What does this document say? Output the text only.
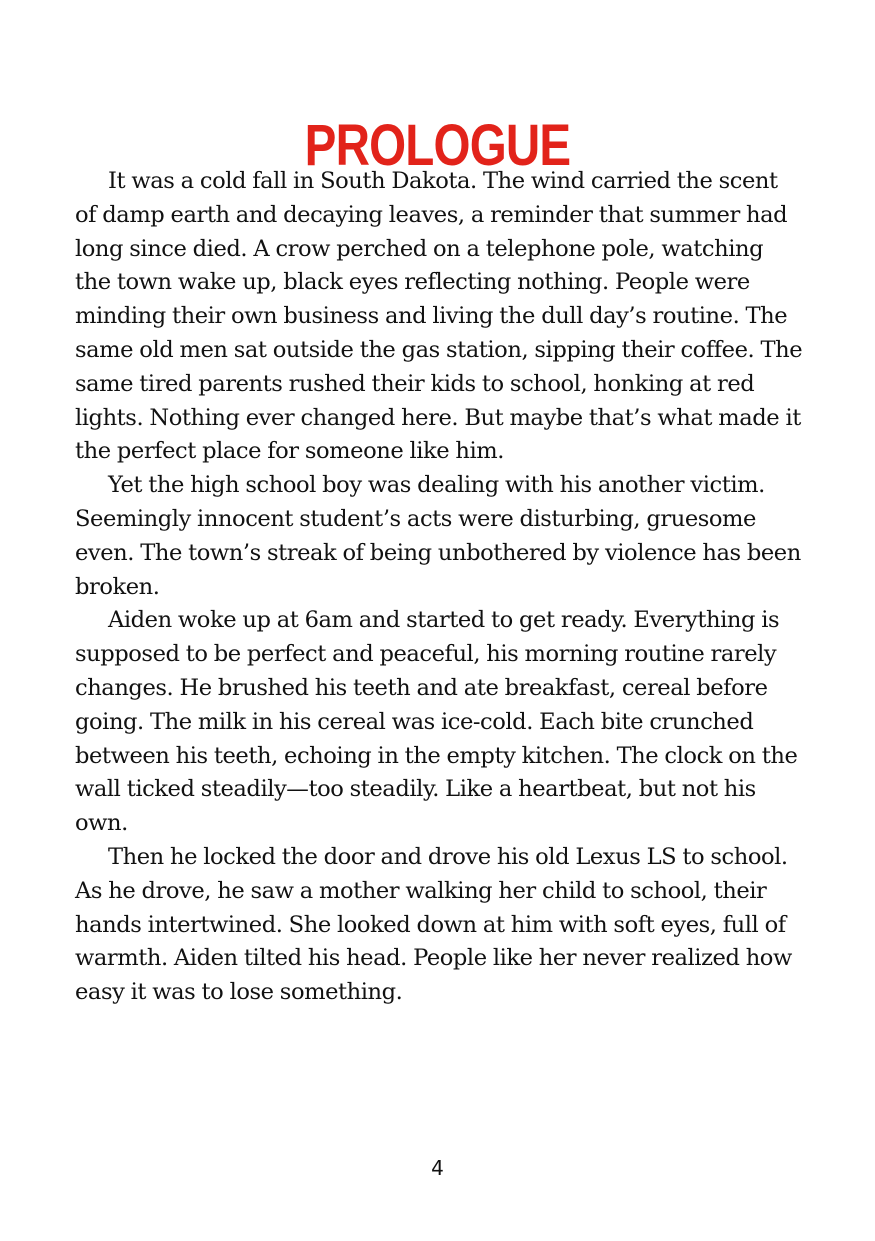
PROLOGUE

It was a cold fall in South Dakota. The wind carried the scent of damp earth and decaying leaves, a reminder that summer had long since died. A crow perched on a telephone pole, watching the town wake up, black eyes reflecting nothing. People were minding their own business and living the dull day’s routine. The same old men sat outside the gas station, sipping their coffee. The same tired parents rushed their kids to school, honking at red lights. Nothing ever changed here. But maybe that’s what made it the perfect place for someone like him.

Yet the high school boy was dealing with his another victim. Seemingly innocent student’s acts were disturbing, gruesome even. The town’s streak of being unbothered by violence has been broken.

Aiden woke up at 6am and started to get ready. Everything is supposed to be perfect and peaceful, his morning routine rarely changes. He brushed his teeth and ate breakfast, cereal before going. The milk in his cereal was ice-cold. Each bite crunched between his teeth, echoing in the empty kitchen. The clock on the wall ticked steadily—too steadily. Like a heartbeat, but not his own.

Then he locked the door and drove his old Lexus LS to school. As he drove, he saw a mother walking her child to school, their hands intertwined. She looked down at him with soft eyes, full of warmth. Aiden tilted his head. People like her never realized how easy it was to lose something.

4
